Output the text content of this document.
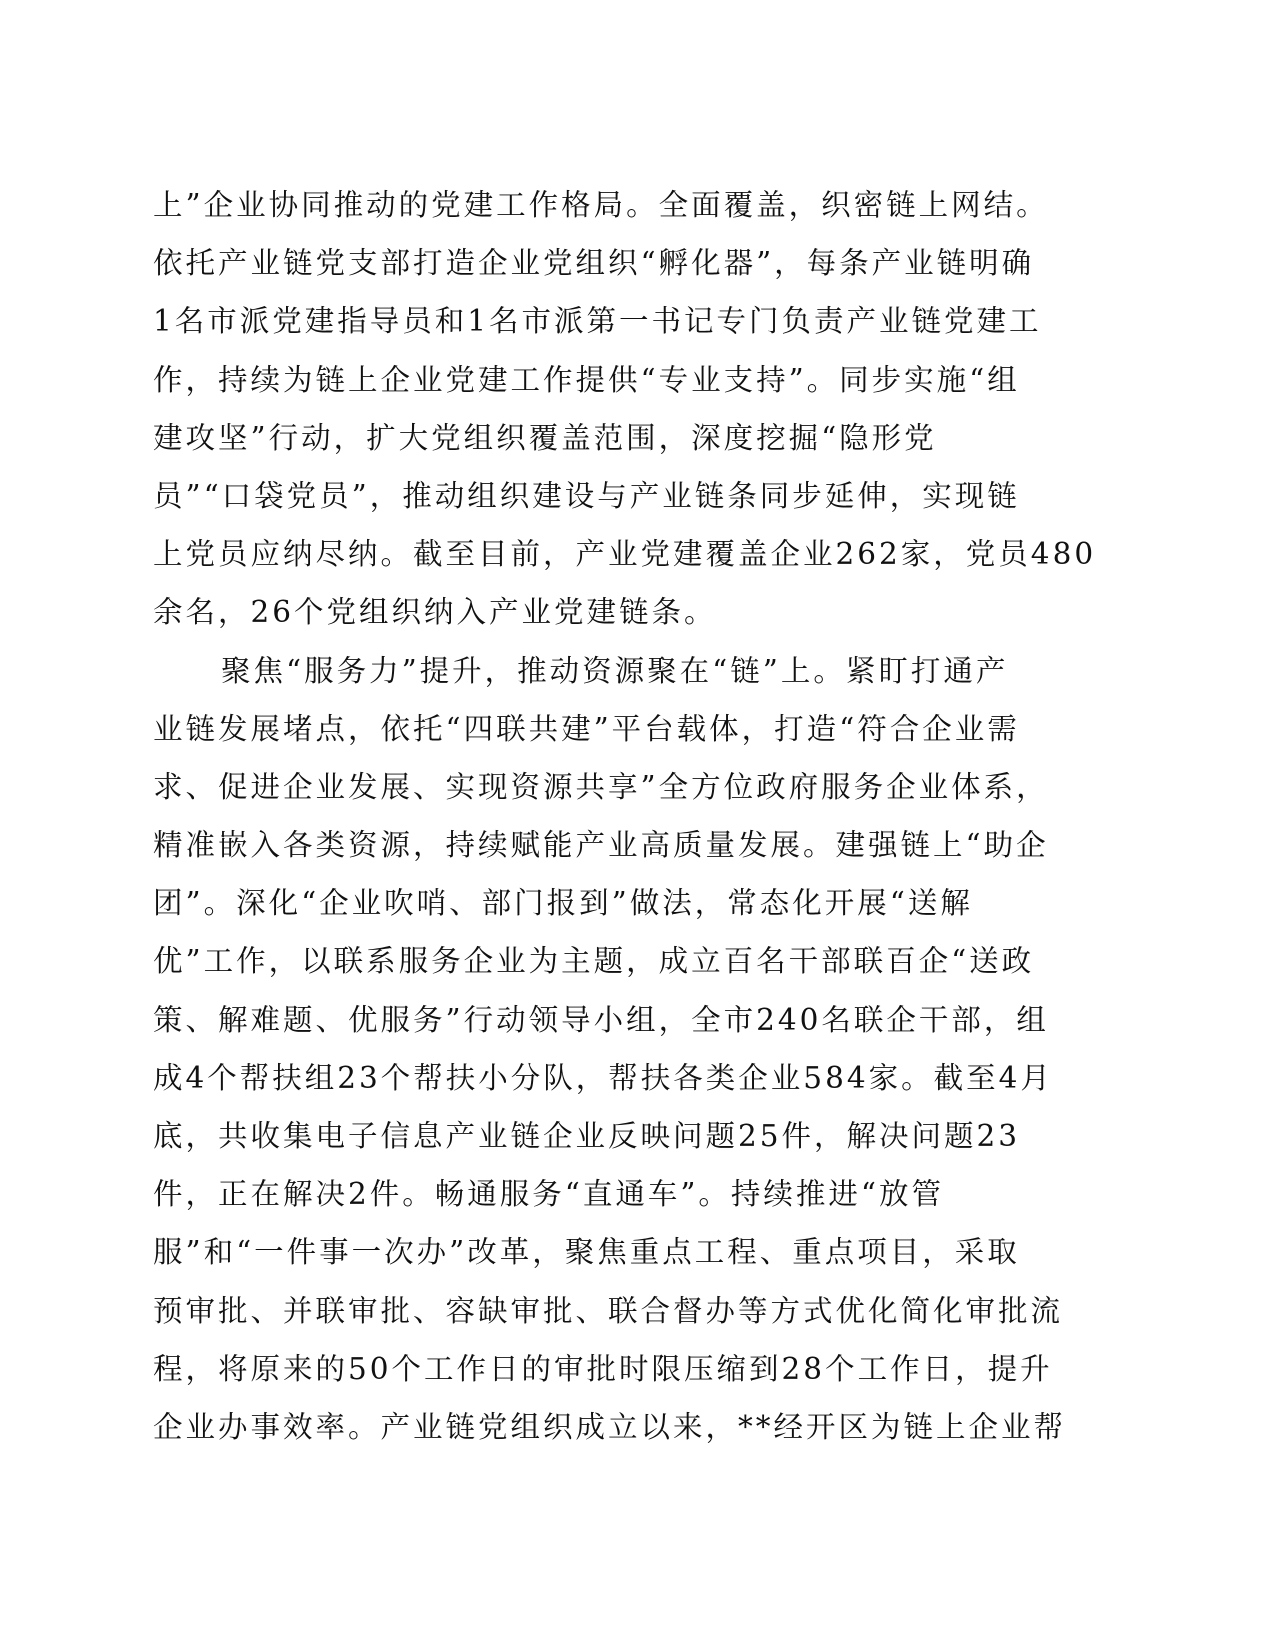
上”企业协同推动的党建工作格局。全面覆盖，织密链上网结。
依托产业链党支部打造企业党组织“孵化器”，每条产业链明确
1名市派党建指导员和1名市派第一书记专门负责产业链党建工
作，持续为链上企业党建工作提供“专业支持”。同步实施“组
建攻坚”行动，扩大党组织覆盖范围，深度挖掘“隐形党
员”“口袋党员”，推动组织建设与产业链条同步延伸，实现链
上党员应纳尽纳。截至目前，产业党建覆盖企业262家，党员480
余名，26个党组织纳入产业党建链条。
聚焦“服务力”提升，推动资源聚在“链”上。紧盯打通产
业链发展堵点，依托“四联共建”平台载体，打造“符合企业需
求、促进企业发展、实现资源共享”全方位政府服务企业体系，
精准嵌入各类资源，持续赋能产业高质量发展。建强链上“助企
团”。深化“企业吹哨、部门报到”做法，常态化开展“送解
优”工作，以联系服务企业为主题，成立百名干部联百企“送政
策、解难题、优服务”行动领导小组，全市240名联企干部，组
成4个帮扶组23个帮扶小分队，帮扶各类企业584家。截至4月
底，共收集电子信息产业链企业反映问题25件，解决问题23
件，正在解决2件。畅通服务“直通车”。持续推进“放管
服”和“一件事一次办”改革，聚焦重点工程、重点项目，采取
预审批、并联审批、容缺审批、联合督办等方式优化简化审批流
程，将原来的50个工作日的审批时限压缩到28个工作日，提升
企业办事效率。产业链党组织成立以来，**经开区为链上企业帮
